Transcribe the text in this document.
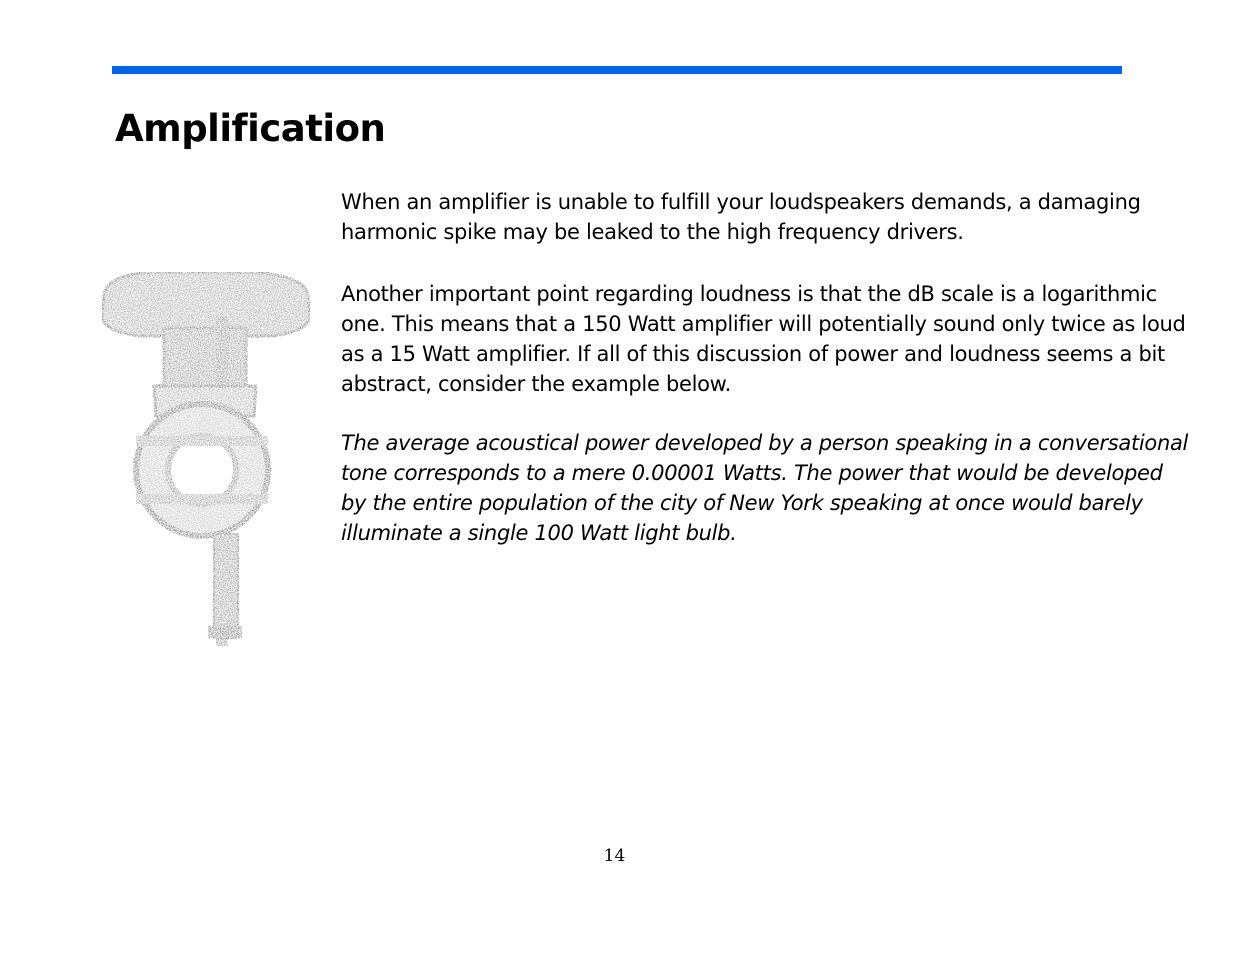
Amplification

When an amplifier is unable to fulfill your loudspeakers demands, a damaging harmonic spike may be leaked to the high frequency drivers.

Another important point regarding loudness is that the dB scale is a logarithmic one. This means that a 150 Watt amplifier will potentially sound only twice as loud as a 15 Watt amplifier. If all of this discussion of power and loudness seems a bit abstract, consider the example below.

The average acoustical power developed by a person speaking in a conversational tone corresponds to a mere 0.00001 Watts. The power that would be developed by the entire population of the city of New York speaking at once would barely illuminate a single 100 Watt light bulb.

14
